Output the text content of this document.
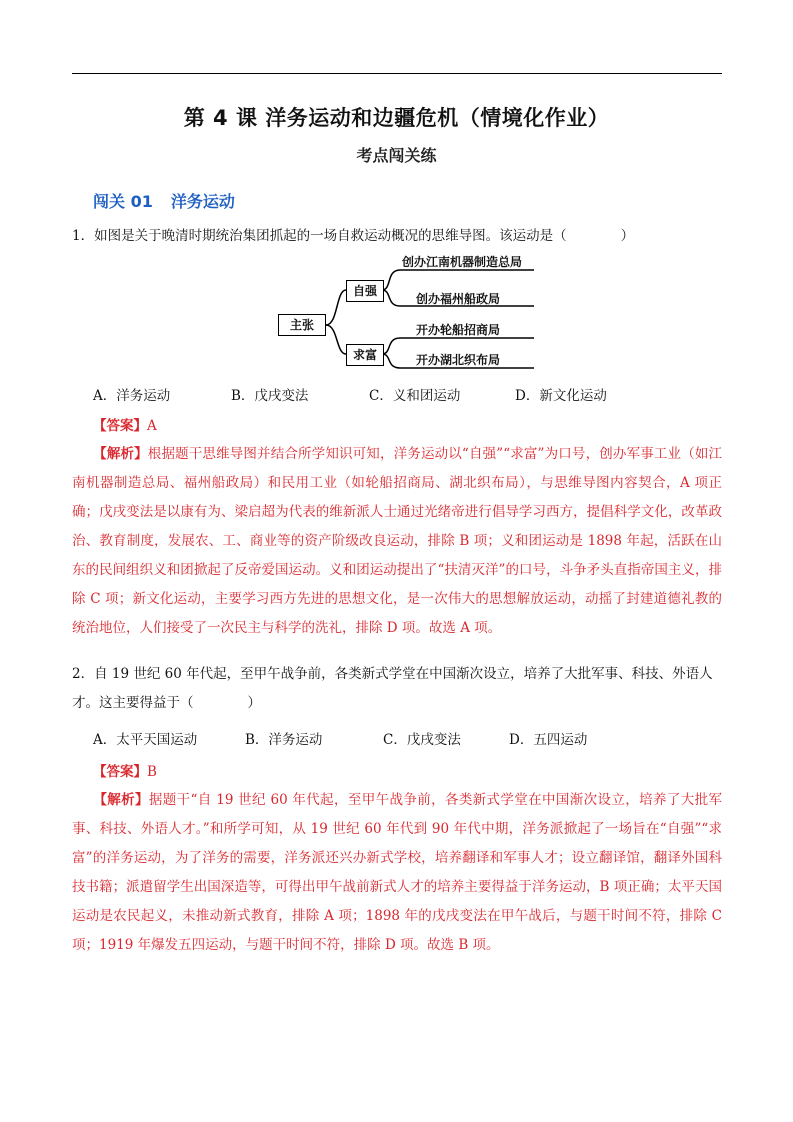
第 4 课 洋务运动和边疆危机（情境化作业）
考点闯关练
闯关 01 洋务运动
1．如图是关于晚清时期统治集团抓起的一场自救运动概况的思维导图。该运动是（　　　　）
主张
自强
求富
创办江南机器制造总局
创办福州船政局
开办轮船招商局
开办湖北织布局
A．洋务运动	B．戊戌变法	C．义和团运动	D．新文化运动
【答案】A
【解析】根据题干思维导图并结合所学知识可知，洋务运动以“自强”“求富”为口号，创办军事工业（如江南机器制造总局、福州船政局）和民用工业（如轮船招商局、湖北织布局），与思维导图内容契合，A 项正确；戊戌变法是以康有为、梁启超为代表的维新派人士通过光绪帝进行倡导学习西方，提倡科学文化，改革政治、教育制度，发展农、工、商业等的资产阶级改良运动，排除 B 项；义和团运动是 1898 年起，活跃在山东的民间组织义和团掀起了反帝爱国运动。义和团运动提出了“扶清灭洋”的口号，斗争矛头直指帝国主义，排除 C 项；新文化运动，主要学习西方先进的思想文化，是一次伟大的思想解放运动，动摇了封建道德礼教的统治地位，人们接受了一次民主与科学的洗礼，排除 D 项。故选 A 项。
2．自 19 世纪 60 年代起，至甲午战争前，各类新式学堂在中国渐次设立，培养了大批军事、科技、外语人才。这主要得益于（　　　　）
A．太平天国运动	B．洋务运动	C．戊戌变法	D．五四运动
【答案】B
【解析】据题干“自 19 世纪 60 年代起，至甲午战争前，各类新式学堂在中国渐次设立，培养了大批军事、科技、外语人才。”和所学可知，从 19 世纪 60 年代到 90 年代中期，洋务派掀起了一场旨在“自强”“求富”的洋务运动，为了洋务的需要，洋务派还兴办新式学校，培养翻译和军事人才；设立翻译馆，翻译外国科技书籍；派遣留学生出国深造等，可得出甲午战前新式人才的培养主要得益于洋务运动，B 项正确；太平天国运动是农民起义，未推动新式教育，排除 A 项；1898 年的戊戌变法在甲午战后，与题干时间不符，排除 C 项；1919 年爆发五四运动，与题干时间不符，排除 D 项。故选 B 项。
